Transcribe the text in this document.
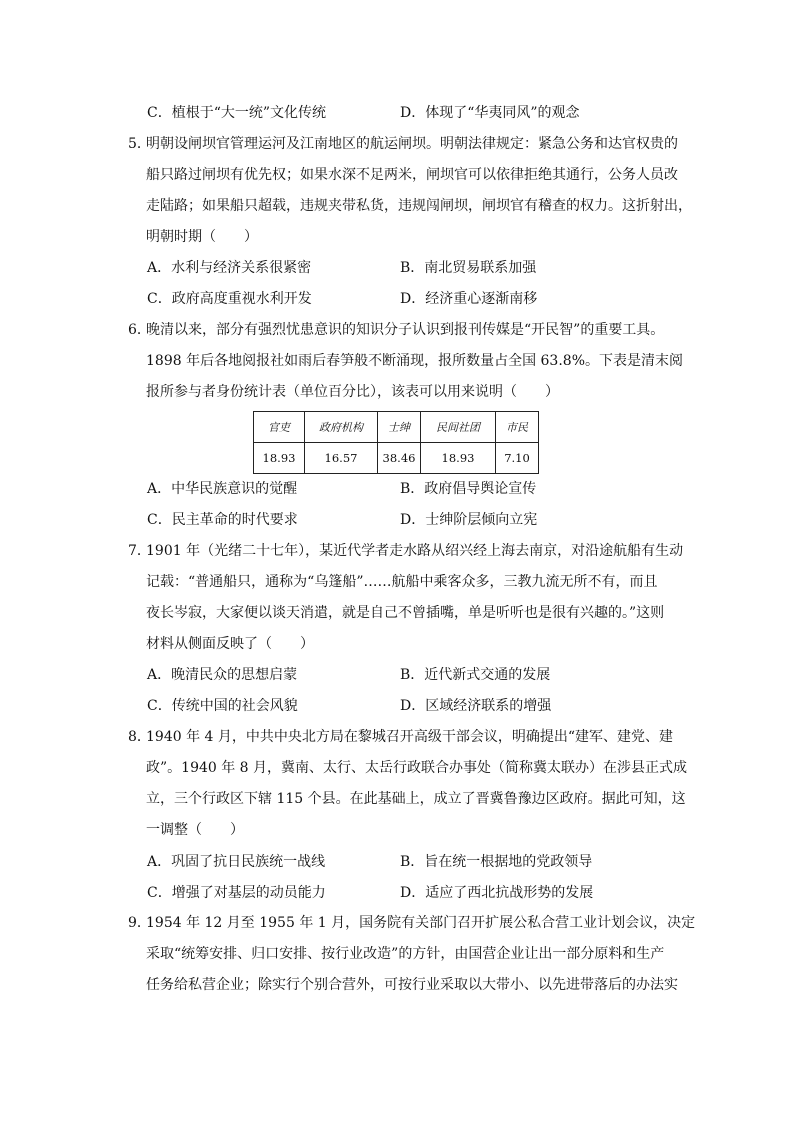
C．植根于“大一统”文化传统	D．体现了“华夷同风”的观念
5．
明朝设闸坝官管理运河及江南地区的航运闸坝。明朝法律规定：紧急公务和达官权贵的
船只路过闸坝有优先权；如果水深不足两米，闸坝官可以依律拒绝其通行，公务人员改
走陆路；如果船只超载，违规夹带私货，违规闯闸坝，闸坝官有稽查的权力。这折射出，
明朝时期（　　）
A．水利与经济关系很紧密	B．南北贸易联系加强
C．政府高度重视水利开发	D．经济重心逐渐南移
6．
晚清以来，部分有强烈忧患意识的知识分子认识到报刊传媒是“开民智”的重要工具。
1898 年后各地阅报社如雨后春笋般不断涌现，报所数量占全国 63.8%。下表是清末阅
报所参与者身份统计表（单位百分比），该表可以用来说明（　　）
官吏	政府机构	士绅	民间社团	市民
18.93	16.57	38.46	18.93	7.10
A．中华民族意识的觉醒	B．政府倡导舆论宣传
C．民主革命的时代要求	D．士绅阶层倾向立宪
7．
1901 年（光绪二十七年），某近代学者走水路从绍兴经上海去南京，对沿途航船有生动
记载：“普通船只，通称为“乌篷船”……航船中乘客众多，三教九流无所不有，而且
夜长岑寂，大家便以谈天消遣，就是自己不曾插嘴，单是听听也是很有兴趣的。”这则
材料从侧面反映了（　　）
A．晚清民众的思想启蒙	B．近代新式交通的发展
C．传统中国的社会风貌	D．区域经济联系的增强
8．
1940 年 4 月，中共中央北方局在黎城召开高级干部会议，明确提出“建军、建党、建
政”。1940 年 8 月，冀南、太行、太岳行政联合办事处（简称冀太联办）在涉县正式成
立，三个行政区下辖 115 个县。在此基础上，成立了晋冀鲁豫边区政府。据此可知，这
一调整（　　）
A．巩固了抗日民族统一战线	B．旨在统一根据地的党政领导
C．增强了对基层的动员能力	D．适应了西北抗战形势的发展
9．
1954 年 12 月至 1955 年 1 月，国务院有关部门召开扩展公私合营工业计划会议，决定
采取“统筹安排、归口安排、按行业改造”的方针，由国营企业让出一部分原料和生产
任务给私营企业；除实行个别合营外，可按行业采取以大带小、以先进带落后的办法实
